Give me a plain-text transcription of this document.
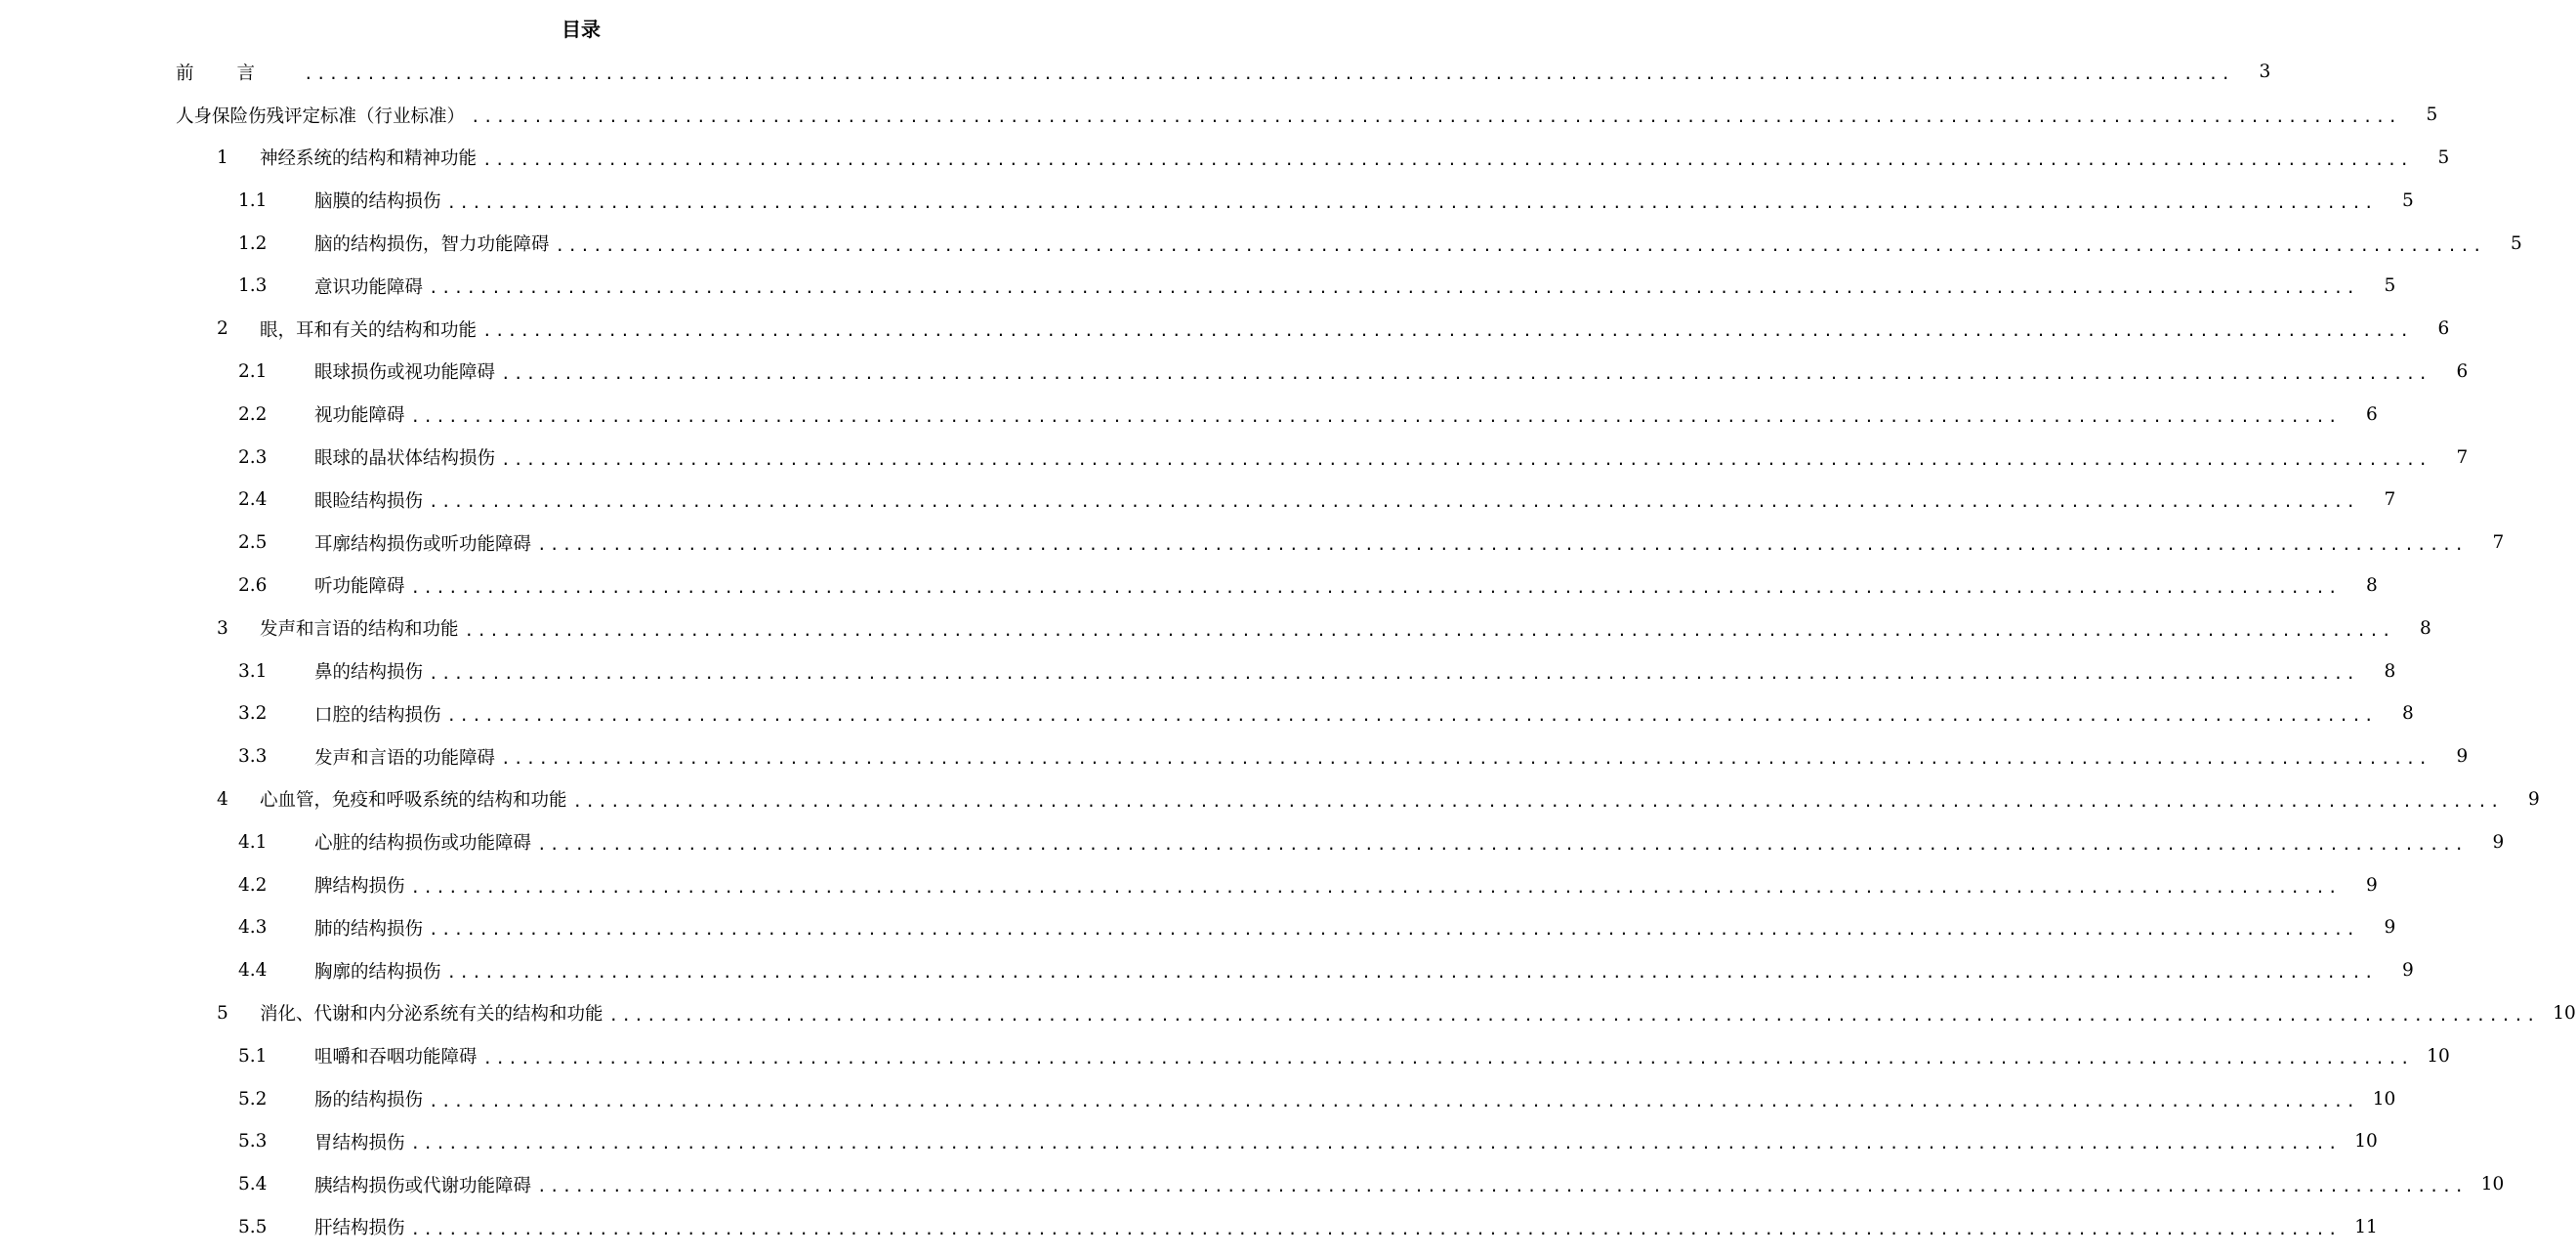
目录
前言 ..........................................................................................................................................................	3
人身保险伤残评定标准（行业标准） ..........................................................................................................................................................	5
1	神经系统的结构和精神功能 ..........................................................................................................................................................	5
1.1	脑膜的结构损伤 ..........................................................................................................................................................	5
1.2	脑的结构损伤，智力功能障碍 ..........................................................................................................................................................	5
1.3	意识功能障碍 ..........................................................................................................................................................	5
2	眼，耳和有关的结构和功能 ..........................................................................................................................................................	6
2.1	眼球损伤或视功能障碍 ..........................................................................................................................................................	6
2.2	视功能障碍 ..........................................................................................................................................................	6
2.3	眼球的晶状体结构损伤 ..........................................................................................................................................................	7
2.4	眼睑结构损伤 ..........................................................................................................................................................	7
2.5	耳廓结构损伤或听功能障碍 ..........................................................................................................................................................	7
2.6	听功能障碍 ..........................................................................................................................................................	8
3	发声和言语的结构和功能 ..........................................................................................................................................................	8
3.1	鼻的结构损伤 ..........................................................................................................................................................	8
3.2	口腔的结构损伤 ..........................................................................................................................................................	8
3.3	发声和言语的功能障碍 ..........................................................................................................................................................	9
4	心血管，免疫和呼吸系统的结构和功能 ..........................................................................................................................................................	9
4.1	心脏的结构损伤或功能障碍 ..........................................................................................................................................................	9
4.2	脾结构损伤 ..........................................................................................................................................................	9
4.3	肺的结构损伤 ..........................................................................................................................................................	9
4.4	胸廓的结构损伤 ..........................................................................................................................................................	9
5	消化、代谢和内分泌系统有关的结构和功能 .......................................................................................................................................................... 10
5.1	咀嚼和吞咽功能障碍 .......................................................................................................................................................... 10
5.2	肠的结构损伤 .......................................................................................................................................................... 10
5.3	胃结构损伤 .......................................................................................................................................................... 10
5.4	胰结构损伤或代谢功能障碍 .......................................................................................................................................................... 10
5.5	肝结构损伤 .......................................................................................................................................................... 11
